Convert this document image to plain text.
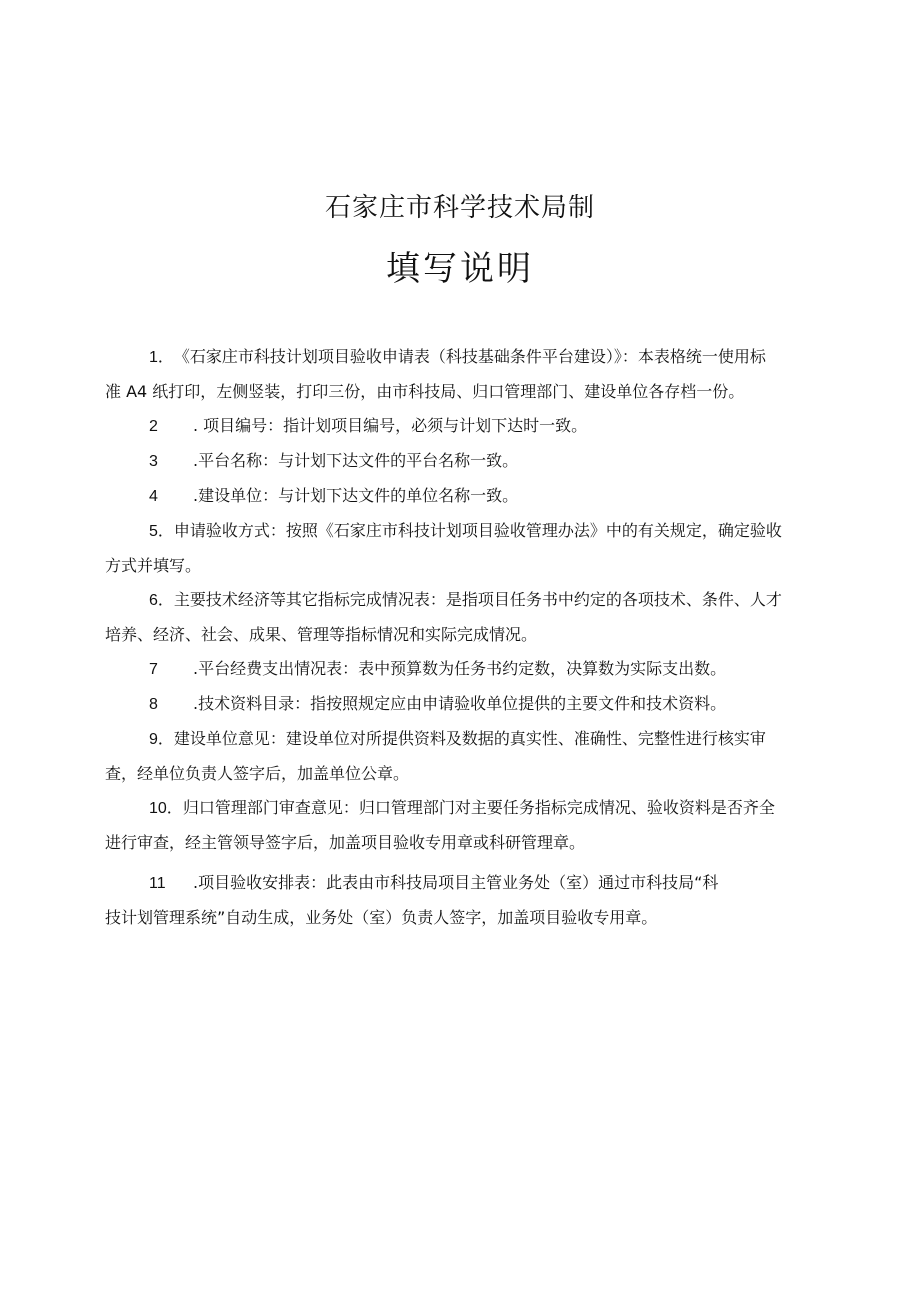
石家庄市科学技术局制
填写说明
1．《石家庄市科技计划项目验收申请表（科技基础条件平台建设）》：本表格统一使用标
准 A4 纸打印，左侧竖装，打印三份，由市科技局、归口管理部门、建设单位各存档一份。
2 . 项目编号：指计划项目编号，必须与计划下达时一致。
3 .平台名称：与计划下达文件的平台名称一致。
4 .建设单位：与计划下达文件的单位名称一致。
5．申请验收方式：按照《石家庄市科技计划项目验收管理办法》中的有关规定，确定验收
方式并填写。
6．主要技术经济等其它指标完成情况表：是指项目任务书中约定的各项技术、条件、人才
培养、经济、社会、成果、管理等指标情况和实际完成情况。
7 .平台经费支出情况表：表中预算数为任务书约定数，决算数为实际支出数。
8 .技术资料目录：指按照规定应由申请验收单位提供的主要文件和技术资料。
9．建设单位意见：建设单位对所提供资料及数据的真实性、准确性、完整性进行核实审
查，经单位负责人签字后，加盖单位公章。
10．归口管理部门审查意见：归口管理部门对主要任务指标完成情况、验收资料是否齐全
进行审查，经主管领导签字后，加盖项目验收专用章或科研管理章。
11 .项目验收安排表：此表由市科技局项目主管业务处（室）通过市科技局“科
技计划管理系统”自动生成，业务处（室）负责人签字，加盖项目验收专用章。
